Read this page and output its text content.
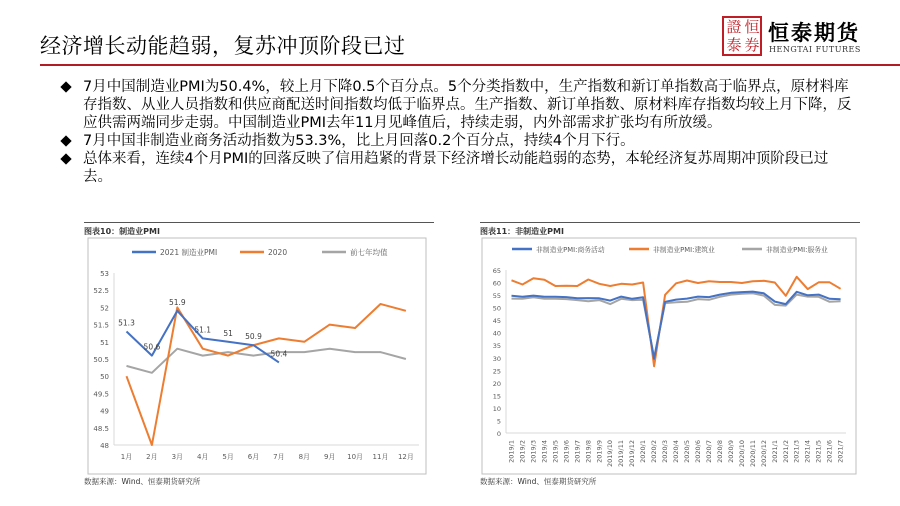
经济增长动能趋弱，复苏冲顶阶段已过
證 恒泰 券 恒泰期货
HENGTAI FUTURES
7月中国制造业PMI为50.4%，较上月下降0.5个百分点。5个分类指数中，生产指数和新订单指数高于临界点，原材料库存指数、从业人员指数和供应商配送时间指数均低于临界点。生产指数、新订单指数、原材料库存指数均较上月下降，反应供需两端同步走弱。中国制造业PMI去年11月见峰值后，持续走弱，内外部需求扩张均有所放缓。
7月中国非制造业商务活动指数为53.3%，比上月回落0.2个百分点，持续4个月下行。
总体来看，连续4个月PMI的回落反映了信用趋紧的背景下经济增长动能趋弱的态势，本轮经济复苏周期冲顶阶段已过去。
图表10：制造业PMI
2021 制造业PMI	2020	前七年均值
48
48.5
49
49.5
50
50.5
51
51.5
52
52.5
53
1月 2月 3月 4月 5月 6月 7月 8月 9月 10月 11月 12月
51.3
50.6
51.9
51.1 51 50.9
50.4
数据来源：Wind、恒泰期货研究所
图表11：非制造业PMI
非制造业PMI:商务活动	非制造业PMI:建筑业	非制造业PMI:服务业
0
5
10
15
20
25
30
35
40
45
50
55
60
65
2019/1 2019/2 2019/3 2019/4 2019/5 2019/6 2019/7 2019/8 2019/9 2019/10 2019/11 2019/12 2020/1 2020/2 2020/3 2020/4 2020/5 2020/6 2020/7 2020/8 2020/9 2020/10 2020/11 2020/12 2021/1 2021/2 2021/3 2021/4 2021/5 2021/6 2021/7
数据来源：Wind、恒泰期货研究所
